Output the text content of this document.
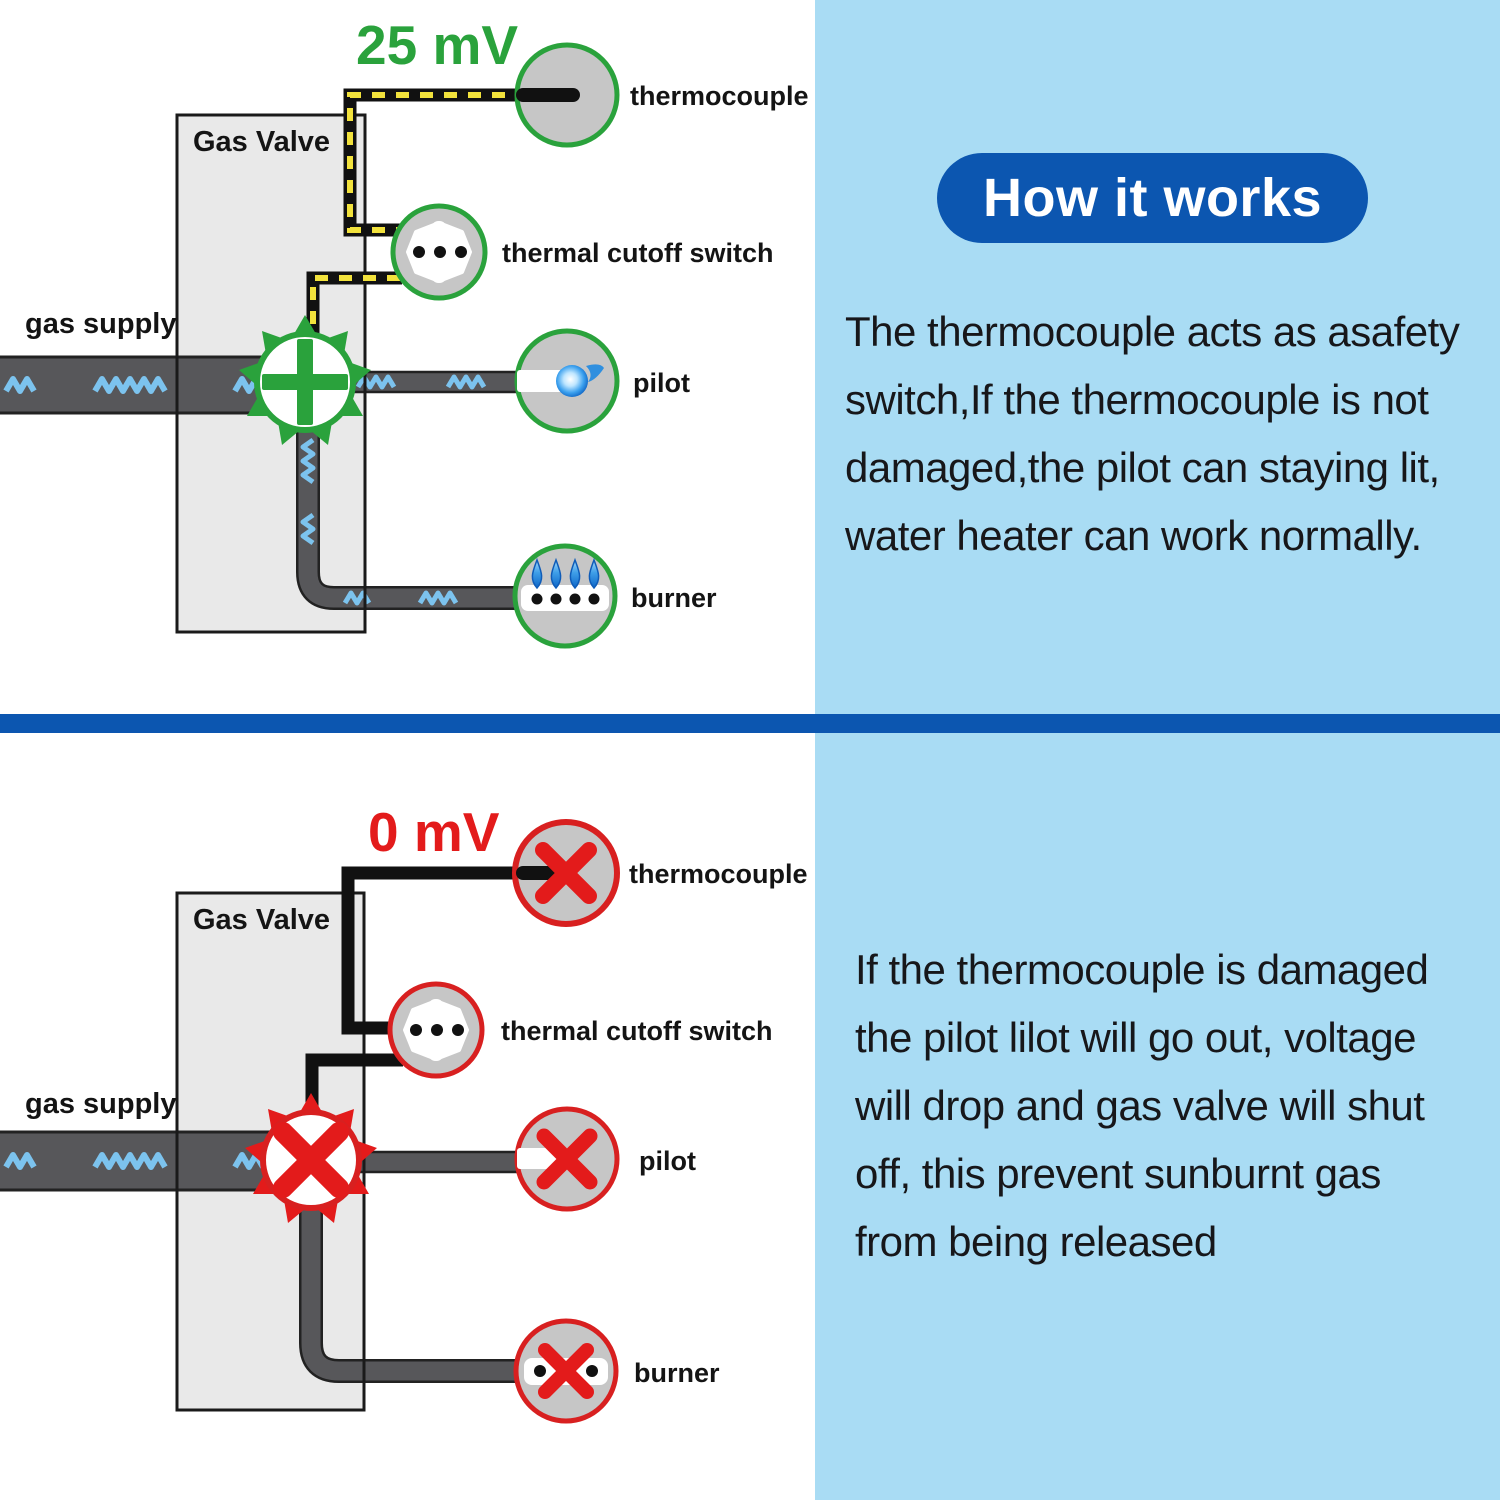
How it works
The thermocouple acts as asafety
switch,If the thermocouple is not
damaged,the pilot can staying lit,
water heater can work normally.
If the thermocouple is damaged
the pilot lilot will go out, voltage
will drop and gas valve will shut
off, this prevent sunburnt gas
from being released
Gas Valve
gas supply
thermocouple
thermal cutoff switch
pilot
burner
25 mV
Gas Valve
gas supply
thermocouple
thermal cutoff switch
pilot
burner
0 mV
